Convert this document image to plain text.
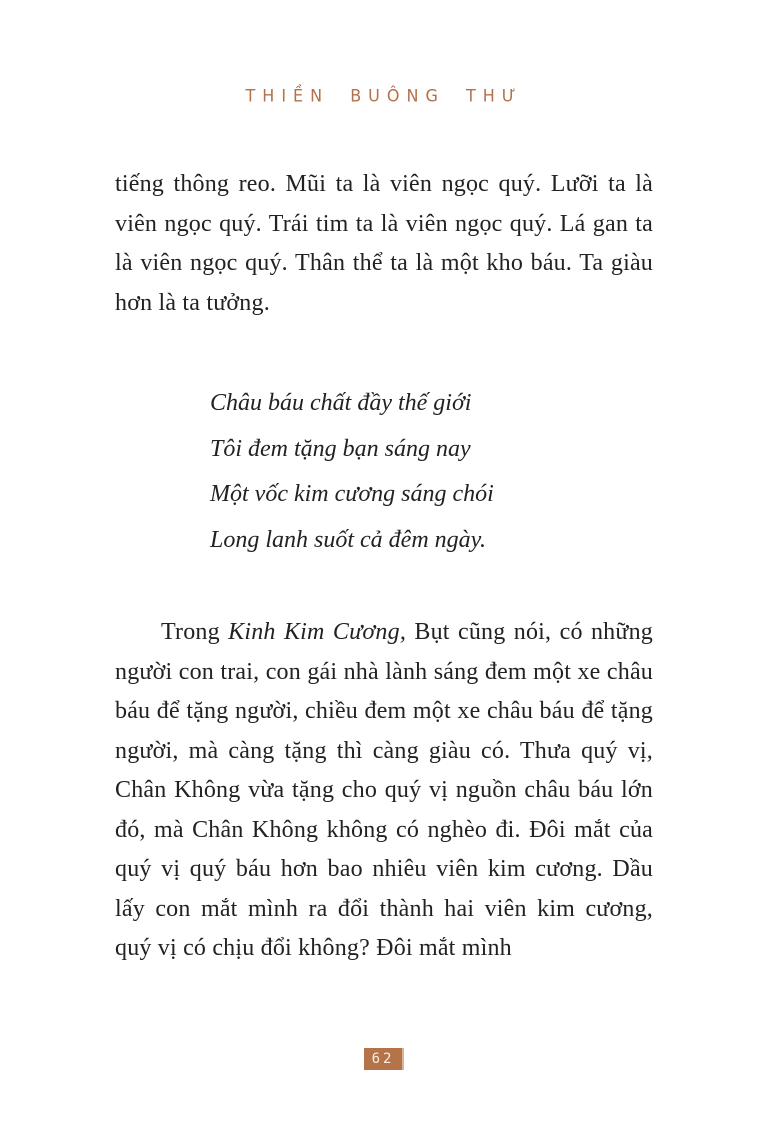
THIỀN BUÔNG THƯ

tiếng thông reo. Mũi ta là viên ngọc quý. Lưỡi ta là viên ngọc quý. Trái tim ta là viên ngọc quý. Lá gan ta là viên ngọc quý. Thân thể ta là một kho báu. Ta giàu hơn là ta tưởng.

Châu báu chất đầy thế giới
Tôi đem tặng bạn sáng nay
Một vốc kim cương sáng chói
Long lanh suốt cả đêm ngày.

Trong Kinh Kim Cương, Bụt cũng nói, có những người con trai, con gái nhà lành sáng đem một xe châu báu để tặng người, chiều đem một xe châu báu để tặng người, mà càng tặng thì càng giàu có. Thưa quý vị, Chân Không vừa tặng cho quý vị nguồn châu báu lớn đó, mà Chân Không không có nghèo đi. Đôi mắt của quý vị quý báu hơn bao nhiêu viên kim cương. Dầu lấy con mắt mình ra đổi thành hai viên kim cương, quý vị có chịu đổi không? Đôi mắt mình

62
